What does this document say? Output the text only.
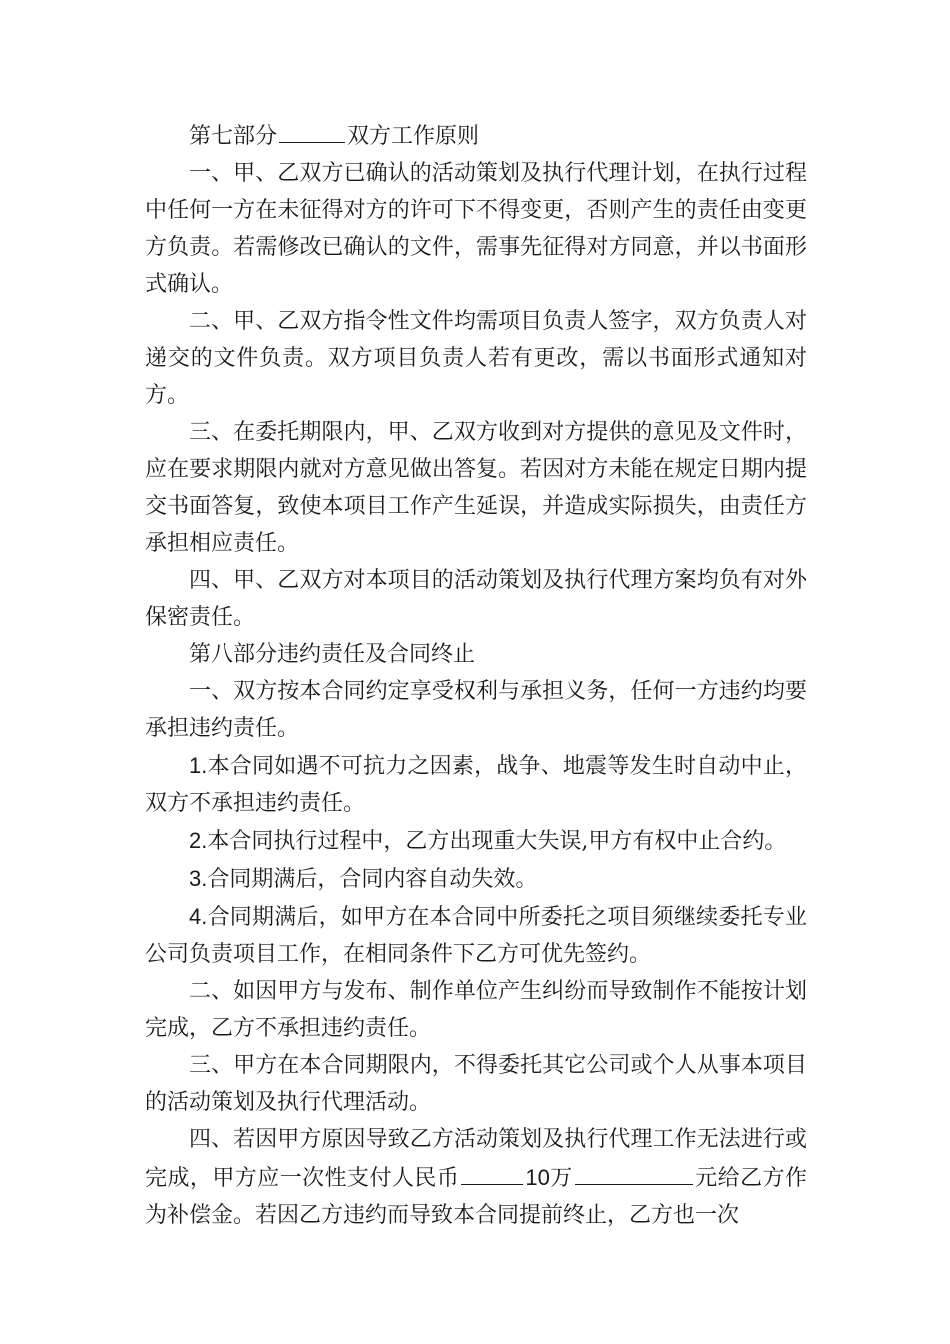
第七部分	双方工作原则

一、甲、乙双方已确认的活动策划及执行代理计划，在执行过程中任何一方在未征得对方的许可下不得变更，否则产生的责任由变更方负责。若需修改已确认的文件，需事先征得对方同意，并以书面形式确认。

二、甲、乙双方指令性文件均需项目负责人签字，双方负责人对递交的文件负责。双方项目负责人若有更改，需以书面形式通知对方。

三、在委托期限内，甲、乙双方收到对方提供的意见及文件时，应在要求期限内就对方意见做出答复。若因对方未能在规定日期内提交书面答复，致使本项目工作产生延误，并造成实际损失，由责任方承担相应责任。

四、甲、乙双方对本项目的活动策划及执行代理方案均负有对外保密责任。

第八部分违约责任及合同终止

一、双方按本合同约定享受权利与承担义务，任何一方违约均要承担违约责任。

1.本合同如遇不可抗力之因素，战争、地震等发生时自动中止，双方不承担违约责任。

2.本合同执行过程中，乙方出现重大失误,甲方有权中止合约。

3.合同期满后，合同内容自动失效。

4.合同期满后，如甲方在本合同中所委托之项目须继续委托专业公司负责项目工作，在相同条件下乙方可优先签约。

二、如因甲方与发布、制作单位产生纠纷而导致制作不能按计划完成，乙方不承担违约责任。

三、甲方在本合同期限内，不得委托其它公司或个人从事本项目的活动策划及执行代理活动。

四、若因甲方原因导致乙方活动策划及执行代理工作无法进行或完成，甲方应一次性支付人民币	10万	元给乙方作为补偿金。若因乙方违约而导致本合同提前终止，乙方也一次
